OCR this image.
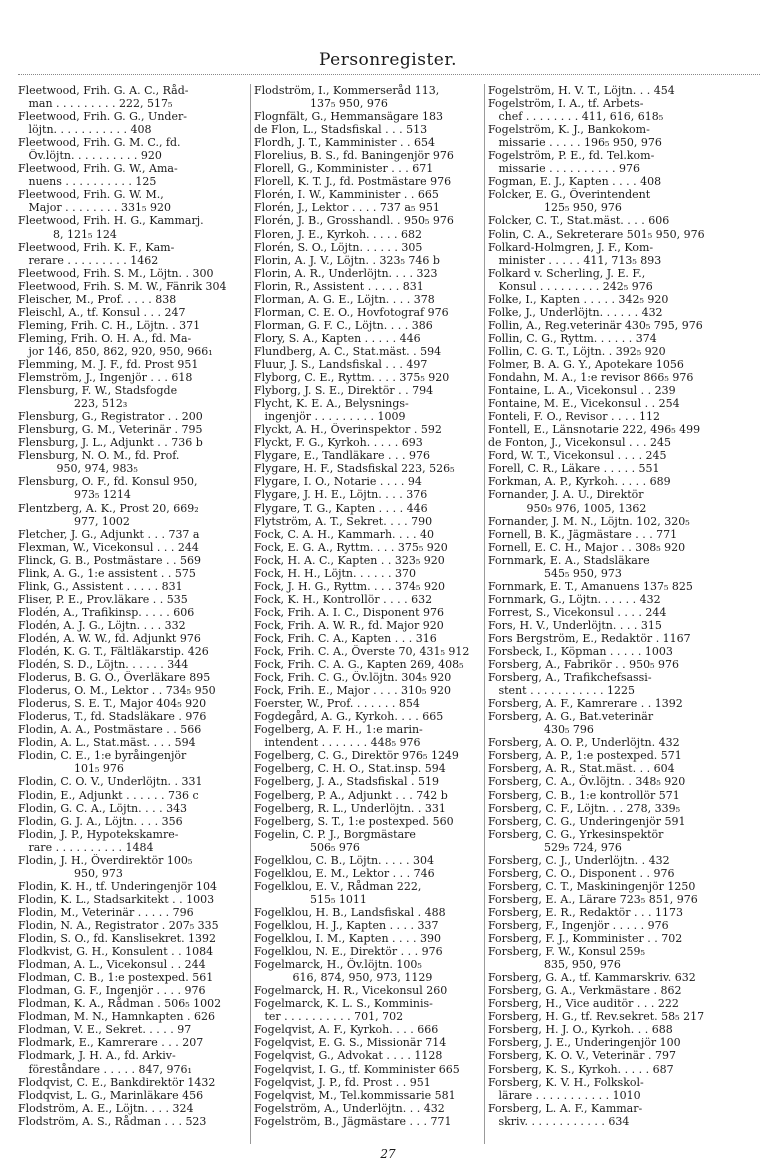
Personregister.
Fleetwood, Frih. G. A. C., Råd-
man . . . . . . . . . 222, 517₅
Fleetwood, Frih. G. G., Under-
löjtn. . . . . . . . . . . 408
Fleetwood, Frih. G. M. C., fd.
Öv.löjtn. . . . . . . . . . 920
Fleetwood, Frih. G. W., Ama-
nuens . . . . . . . . . . 125
Fleetwood, Frih. G. W. M.,
Major . . . . . . . . 331₅ 920
Fleetwood, Frih. H. G., Kammarj.
8, 121₅ 124
Fleetwood, Frih. K. F., Kam-
rerare . . . . . . . . . 1462
Fleetwood, Frih. S. M., Löjtn. . 300
Fleetwood, Frih. S. M. W., Fänrik 304
Fleischer, M., Prof. . . . . 838
Fleischl, A., tf. Konsul . . . 247
Fleming, Frih. C. H., Löjtn. . 371
Fleming, Frih. O. H. A., fd. Ma-
jor 146, 850, 862, 920, 950, 966₁
Flemming, M. J. F., fd. Prost 951
Flemström, J., Ingenjör . . . 618
Flensburg, F. W., Stadsfogde
223, 512₃
Flensburg, G., Registrator . . 200
Flensburg, G. M., Veterinär . 795
Flensburg, J. L., Adjunkt . . 736 b
Flensburg, N. O. M., fd. Prof.
950, 974, 983₅
Flensburg, O. F., fd. Konsul 950,
973₅ 1214
Flentzberg, A. K., Prost 20, 669₂
977, 1002
Fletcher, J. G., Adjunkt . . . 737 a
Flexman, W., Vicekonsul . . . 244
Flinck, G. B., Postmästare . . 569
Flink, A. G., 1:e assistent . . 575
Flink, G., Assistent . . . . . 831
Fliser, P. E., Prov.läkare . . 535
Flodén, A., Trafikinsp. . . . . 606
Flodén, A. J. G., Löjtn. . . . 332
Flodén, A. W. W., fd. Adjunkt 976
Flodén, K. G. T., Fältläkarstip. 426
Flodén, S. D., Löjtn. . . . . . 344
Floderus, B. G. O., Överläkare 895
Floderus, O. M., Lektor . . 734₅ 950
Floderus, S. E. T., Major 404₅ 920
Floderus, T., fd. Stadsläkare . 976
Flodin, A. A., Postmästare . . 566
Flodin, A. L., Stat.mäst. . . . 594
Flodin, C. E., 1:e byråingenjör
101₅ 976
Flodin, C. O. V., Underlöjtn. . 331
Flodin, E., Adjunkt . . . . . . 736 c
Flodin, G. C. A., Löjtn. . . . 343
Flodin, G. J. A., Löjtn. . . . 356
Flodin, J. P., Hypotekskamre-
rare . . . . . . . . . . 1484
Flodin, J. H., Överdirektör 100₅
950, 973
Flodin, K. H., tf. Underingenjör 104
Flodin, K. L., Stadsarkitekt . . 1003
Flodin, M., Veterinär . . . . . 796
Flodin, N. A., Registrator . 207₅ 335
Flodin, S. O., fd. Kanslisekret. 1392
Flodkvist, G. H., Konsulent . . 1084
Flodman, A. L., Vicekonsul . . 244
Flodman, C. B., 1:e postexped. 561
Flodman, G. F., Ingenjör . . . . 976
Flodman, K. A., Rådman . 506₅ 1002
Flodman, M. N., Hamnkapten . 626
Flodman, V. E., Sekret. . . . . 97
Flodmark, E., Kamrerare . . . 207
Flodmark, J. H. A., fd. Arkiv-
föreståndare . . . . . 847, 976₁
Flodqvist, C. E., Bankdirektör 1432
Flodqvist, L. G., Marinläkare 456
Flodström, A. E., Löjtn. . . . 324
Flodström, A. S., Rådman . . . 523
Flodström, I., Kommerseråd 113,
137₅ 950, 976
Flognfält, G., Hemmansägare 183
de Flon, L., Stadsfiskal . . . 513
Flordh, J. T., Kamminister . . 654
Florelius, B. S., fd. Baningenjör 976
Florell, G., Komminister . . . 671
Florell, K. T. J., fd. Postmästare 976
Florén, I. W., Kamminister . . 665
Florén, J., Lektor . . . . 737 a₅ 951
Florén, J. B., Grosshandl. . 950₅ 976
Floren, J. E., Kyrkoh. . . . . 682
Florén, S. O., Löjtn. . . . . . 305
Florin, A. J. V., Löjtn. . 323₅ 746 b
Florin, A. R., Underlöjtn. . . . 323
Florin, R., Assistent . . . . . 831
Florman, A. G. E., Löjtn. . . . 378
Florman, C. E. O., Hovfotograf 976
Florman, G. F. C., Löjtn. . . . 386
Flory, S. A., Kapten . . . . . 446
Flundberg, A. C., Stat.mäst. . 594
Fluur, J. S., Landsfiskal . . . 497
Flyborg, C. E., Ryttm. . . . 375₅ 920
Flyborg, J. S. E., Direktör . . 794
Flycht, K. E. A., Belysnings-
ingenjör . . . . . . . . . 1009
Flyckt, A. H., Överinspektor . 592
Flyckt, F. G., Kyrkoh. . . . . 693
Flygare, E., Tandläkare . . . 976
Flygare, H. F., Stadsfiskal 223, 526₅
Flygare, I. O., Notarie . . . . 94
Flygare, J. H. E., Löjtn. . . . 376
Flygare, T. G., Kapten . . . . 446
Flytström, A. T., Sekret. . . . 790
Fock, C. A. H., Kammarh. . . . 40
Fock, E. G. A., Ryttm. . . . 375₅ 920
Fock, H. A. C., Kapten . . 323₅ 920
Fock, H. H., Löjtn. . . . . . 370
Fock, J. H. G., Ryttm. . . . 374₅ 920
Fock, K. H., Kontrollör . . . . 632
Fock, Frih. A. I. C., Disponent 976
Fock, Frih. A. W. R., fd. Major 920
Fock, Frih. C. A., Kapten . . . 316
Fock, Frih. C. A., Överste 70, 431₅ 912
Fock, Frih. C. A. G., Kapten 269, 408₅
Fock, Frih. C. G., Öv.löjtn. 304₅ 920
Fock, Frih. E., Major . . . . 310₅ 920
Foerster, W., Prof. . . . . . . 854
Fogdegård, A. G., Kyrkoh. . . . 665
Fogelberg, A. F. H., 1:e marin-
intendent . . . . . . . 448₅ 976
Fogelberg, C. G., Direktör 976₅ 1249
Fogelberg, C. H. O., Stat.insp. 594
Fogelberg, J. A., Stadsfiskal . 519
Fogelberg, P. A., Adjunkt . . . 742 b
Fogelberg, R. L., Underlöjtn. . 331
Fogelberg, S. T., 1:e postexped. 560
Fogelin, C. P. J., Borgmästare
506₅ 976
Fogelklou, C. B., Löjtn. . . . . 304
Fogelklou, E. M., Lektor . . . 746
Fogelklou, E. V., Rådman 222,
515₅ 1011
Fogelklou, H. B., Landsfiskal . 488
Fogelklou, H. J., Kapten . . . . 337
Fogelklou, I. M., Kapten . . . . 390
Fogelklou, N. E., Direktör . . . 976
Fogelmarck, H., Öv.löjtn. 100₅
616, 874, 950, 973, 1129
Fogelmarck, H. R., Vicekonsul 260
Fogelmarck, K. L. S., Komminis-
ter . . . . . . . . . . 701, 702
Fogelqvist, A. F., Kyrkoh. . . . 666
Fogelqvist, E. G. S., Missionär 714
Fogelqvist, G., Advokat . . . . 1128
Fogelqvist, I. G., tf. Komminister 665
Fogelqvist, J. P., fd. Prost . . 951
Fogelqvist, M., Tel.kommissarie 581
Fogelström, A., Underlöjtn. . . 432
Fogelström, B., Jägmästare . . . 771
Fogelström, H. V. T., Löjtn. . . 454
Fogelström, I. A., tf. Arbets-
chef . . . . . . . . 411, 616, 618₅
Fogelström, K. J., Bankokom-
missarie . . . . . 196₅ 950, 976
Fogelström, P. E., fd. Tel.kom-
missarie . . . . . . . . . . 976
Fogman, E. J., Kapten . . . . 408
Folcker, E. G., Överintendent
125₅ 950, 976
Folcker, C. T., Stat.mäst. . . . 606
Folin, C. A., Sekreterare 501₅ 950, 976
Folkard-Holmgren, J. F., Kom-
minister . . . . . 411, 713₅ 893
Folkard v. Scherling, J. E. F.,
Konsul . . . . . . . . . 242₅ 976
Folke, I., Kapten . . . . . 342₅ 920
Folke, J., Underlöjtn. . . . . . 432
Follin, A., Reg.veterinär 430₅ 795, 976
Follin, C. G., Ryttm. . . . . . 374
Follin, C. G. T., Löjtn. . 392₅ 920
Folmer, B. A. G. Y., Apotekare 1056
Fondahn, M. A., 1:e revisor 866₅ 976
Fontaine, L. A., Vicekonsul . . 239
Fontaine, M. E., Vicekonsul . . 254
Fonteli, F. O., Revisor . . . . 112
Fontell, E., Länsnotarie 222, 496₅ 499
de Fonton, J., Vicekonsul . . . 245
Ford, W. T., Vicekonsul . . . . 245
Forell, C. R., Läkare . . . . . 551
Forkman, A. P., Kyrkoh. . . . . 689
Fornander, J. A. U., Direktör
950₅ 976, 1005, 1362
Fornander, J. M. N., Löjtn. 102, 320₅
Fornell, B. K., Jägmästare . . . 771
Fornell, E. C. H., Major . . 308₅ 920
Fornmark, E. A., Stadsläkare
545₅ 950, 973
Fornmark, E. T., Amanuens 137₅ 825
Fornmark, G., Löjtn. . . . . . 432
Forrest, S., Vicekonsul . . . . 244
Fors, H. V., Underlöjtn. . . . 315
Fors Bergström, E., Redaktör . 1167
Forsbeck, I., Köpman . . . . . 1003
Forsberg, A., Fabrikör . . 950₅ 976
Forsberg, A., Trafikchefsassi-
stent . . . . . . . . . . . 1225
Forsberg, A. F., Kamrerare . . 1392
Forsberg, A. G., Bat.veterinär
430₅ 796
Forsberg, A. O. P., Underlöjtn. 432
Forsberg, A. P., 1:e postexped. 571
Forsberg, A. R., Stat.mäst. . . 604
Forsberg, C. A., Öv.löjtn. . 348₅ 920
Forsberg, C. B., 1:e kontrollör 571
Forsberg, C. F., Löjtn. . . 278, 339₅
Forsberg, C. G., Underingenjör 591
Forsberg, C. G., Yrkesinspektör
529₅ 724, 976
Forsberg, C. J., Underlöjtn. . 432
Forsberg, C. O., Disponent . . 976
Forsberg, C. T., Maskiningenjör 1250
Forsberg, E. A., Lärare 723₅ 851, 976
Forsberg, E. R., Redaktör . . . 1173
Forsberg, F., Ingenjör . . . . . 976
Forsberg, F. J., Komminister . . 702
Forsberg, F. W., Konsul 259₅
835, 950, 976
Forsberg, G. A., tf. Kammarskriv. 632
Forsberg, G. A., Verkmästare . 862
Forsberg, H., Vice auditör . . . 222
Forsberg, H. G., tf. Rev.sekret. 58₅ 217
Forsberg, H. J. O., Kyrkoh. . . 688
Forsberg, J. E., Underingenjör 100
Forsberg, K. O. V., Veterinär . 797
Forsberg, K. S., Kyrkoh. . . . . 687
Forsberg, K. V. H., Folkskol-
lärare . . . . . . . . . . . 1010
Forsberg, L. A. F., Kammar-
skriv. . . . . . . . . . . . 634
27
